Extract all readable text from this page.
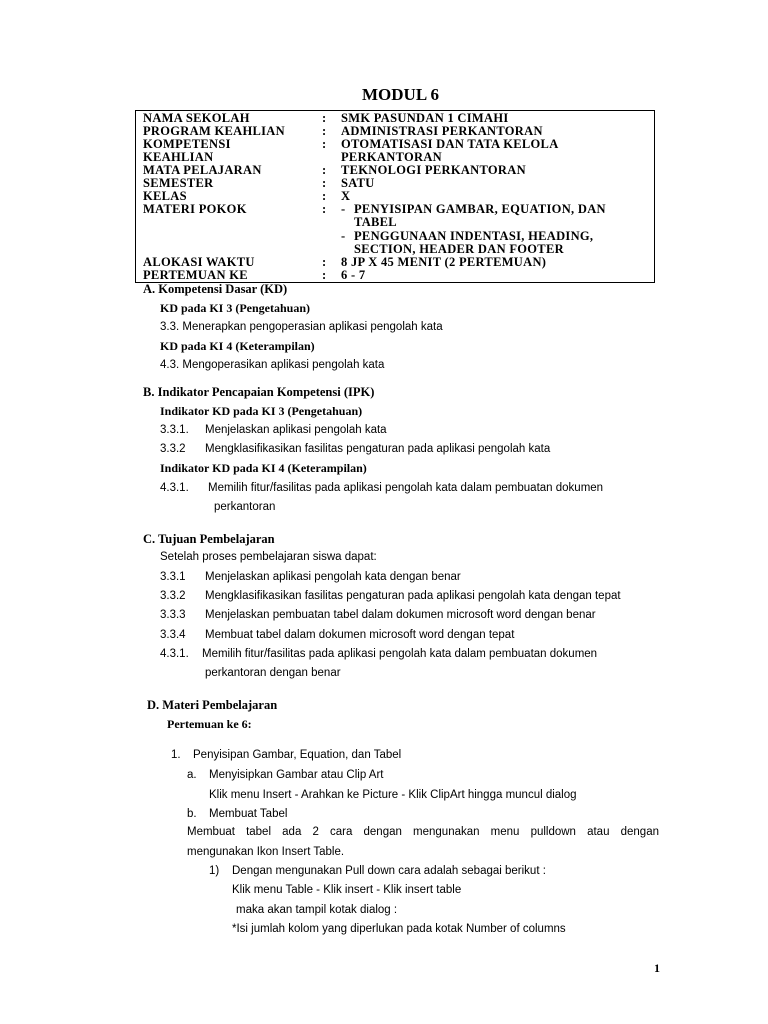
MODUL 6
NAMA SEKOLAH
PROGRAM KEAHLIAN
KOMPETENSI
KEAHLIAN
MATA PELAJARAN
SEMESTER
KELAS
MATERI POKOK
ALOKASI WAKTU
PERTEMUAN KE
:
:
:
:
:
:
:
:
:
SMK PASUNDAN 1 CIMAHI
ADMINISTRASI PERKANTORAN
OTOMATISASI DAN TATA KELOLA
PERKANTORAN
TEKNOLOGI PERKANTORAN
SATU
X
- PENYISIPAN GAMBAR, EQUATION, DAN
TABEL
- PENGGUNAAN INDENTASI, HEADING,
SECTION, HEADER DAN FOOTER
8 JP X 45 MENIT (2 PERTEMUAN)
6 - 7
A. Kompetensi Dasar (KD)
KD pada KI 3 (Pengetahuan)
3.3. Menerapkan pengoperasian aplikasi pengolah kata
KD pada KI 4 (Keterampilan)
4.3. Mengoperasikan aplikasi pengolah kata
B. Indikator Pencapaian Kompetensi (IPK)
Indikator KD pada KI 3 (Pengetahuan)
3.3.1. Menjelaskan aplikasi pengolah kata
3.3.2 Mengklasifikasikan fasilitas pengaturan pada aplikasi pengolah kata
Indikator KD pada KI 4 (Keterampilan)
4.3.1. Memilih fitur/fasilitas pada aplikasi pengolah kata dalam pembuatan dokumen
perkantoran
C. Tujuan Pembelajaran
Setelah proses pembelajaran siswa dapat:
3.3.1 Menjelaskan aplikasi pengolah kata dengan benar
3.3.2 Mengklasifikasikan fasilitas pengaturan pada aplikasi pengolah kata dengan tepat
3.3.3 Menjelaskan pembuatan tabel dalam dokumen microsoft word dengan benar
3.3.4 Membuat tabel dalam dokumen microsoft word dengan tepat
4.3.1. Memilih fitur/fasilitas pada aplikasi pengolah kata dalam pembuatan dokumen
perkantoran dengan benar
D. Materi Pembelajaran
Pertemuan ke 6:
1. Penyisipan Gambar, Equation, dan Tabel
a. Menyisipkan Gambar atau Clip Art
Klik menu Insert - Arahkan ke Picture - Klik ClipArt hingga muncul dialog
b. Membuat Tabel
Membuat tabel ada 2 cara dengan mengunakan menu pulldown atau dengan
mengunakan Ikon Insert Table.
1) Dengan mengunakan Pull down cara adalah sebagai berikut :
Klik menu Table - Klik insert - Klik insert table
maka akan tampil kotak dialog :
*Isi jumlah kolom yang diperlukan pada kotak Number of columns
1
